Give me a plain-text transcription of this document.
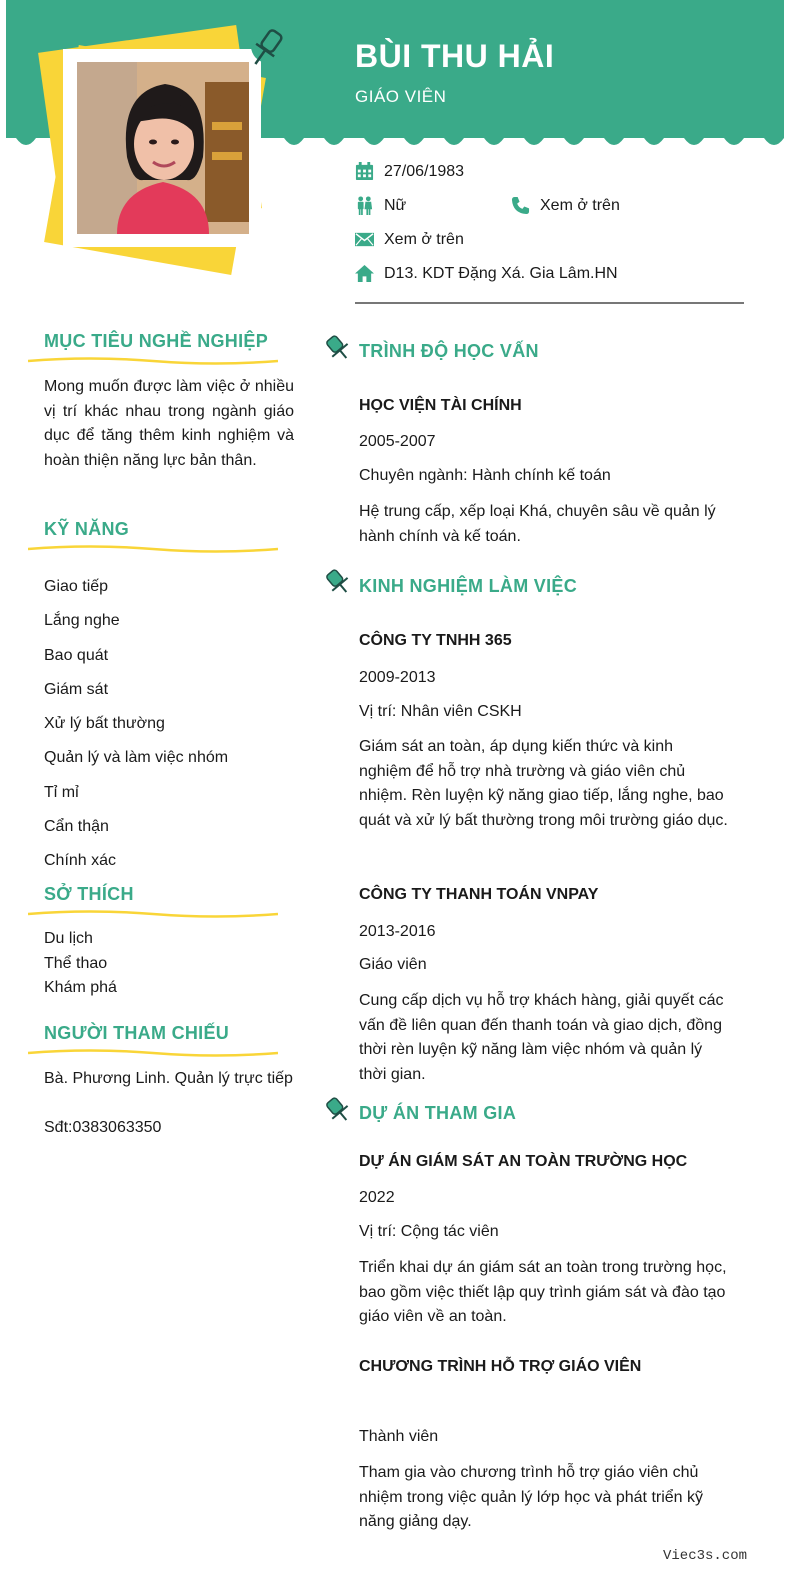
BÙI THU HẢI
GIÁO VIÊN
27/06/1983
Nữ	Xem ở trên
Xem ở trên
D13. KDT Đặng Xá. Gia Lâm.HN
MỤC TIÊU NGHỀ NGHIỆP
Mong muốn được làm việc ở nhiều vị trí khác nhau trong ngành giáo dục để tăng thêm kinh nghiệm và hoàn thiện năng lực bản thân.
KỸ NĂNG
Giao tiếp
Lắng nghe
Bao quát
Giám sát
Xử lý bất thường
Quản lý và làm việc nhóm
Tỉ mỉ
Cẩn thận
Chính xác
SỞ THÍCH
Du lịch
Thể thao
Khám phá
NGƯỜI THAM CHIẾU
Bà. Phương Linh. Quản lý trực tiếp
Sđt:0383063350
TRÌNH ĐỘ HỌC VẤN
HỌC VIỆN TÀI CHÍNH
2005-2007
Chuyên ngành: Hành chính kế toán
Hệ trung cấp, xếp loại Khá, chuyên sâu về quản lý hành chính và kế toán.
KINH NGHIỆM LÀM VIỆC
CÔNG TY TNHH 365
2009-2013
Vị trí: Nhân viên CSKH
Giám sát an toàn, áp dụng kiến thức và kinh nghiệm để hỗ trợ nhà trường và giáo viên chủ nhiệm. Rèn luyện kỹ năng giao tiếp, lắng nghe, bao quát và xử lý bất thường trong môi trường giáo dục.
CÔNG TY THANH TOÁN VNPAY
2013-2016
Giáo viên
Cung cấp dịch vụ hỗ trợ khách hàng, giải quyết các vấn đề liên quan đến thanh toán và giao dịch, đồng thời rèn luyện kỹ năng làm việc nhóm và quản lý thời gian.
DỰ ÁN THAM GIA
DỰ ÁN GIÁM SÁT AN TOÀN TRƯỜNG HỌC
2022
Vị trí: Cộng tác viên
Triển khai dự án giám sát an toàn trong trường học, bao gồm việc thiết lập quy trình giám sát và đào tạo giáo viên về an toàn.
CHƯƠNG TRÌNH HỖ TRỢ GIÁO VIÊN
Thành viên
Tham gia vào chương trình hỗ trợ giáo viên chủ nhiệm trong việc quản lý lớp học và phát triển kỹ năng giảng dạy.
Viec3s.com
